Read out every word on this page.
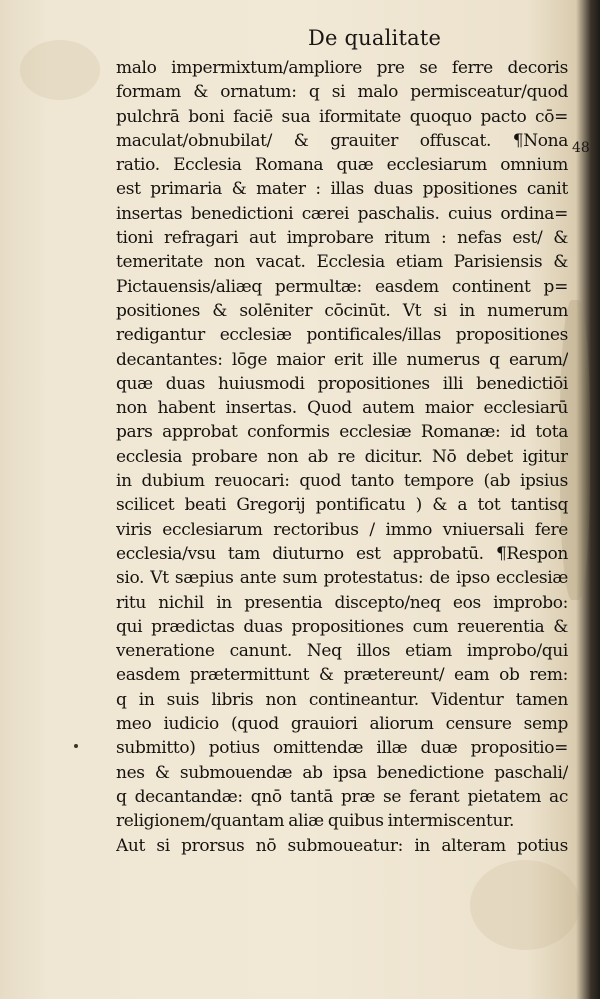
De qualitate
48
malo impermixtum/ampliore pre se ferre decoris
formam & ornatum: q si malo permisceatur/quod
pulchrā boni faciē sua iformitate quoquo pacto cō=
maculat/obnubilat/ & grauiter offuscat. ¶Nona
ratio. Ecclesia Romana quæ ecclesiarum omnium
est primaria & mater : illas duas ppositiones canit
insertas benedictioni cærei paschalis. cuius ordina=
tioni refragari aut improbare ritum : nefas est/ &
temeritate non vacat. Ecclesia etiam Parisiensis &
Pictauensis/aliæq permultæ: easdem continent p=
positiones & solēniter cōcinūt. Vt si in numerum
redigantur ecclesiæ pontificales/illas propositiones
decantantes: lōge maior erit ille numerus q earum/
quæ duas huiusmodi propositiones illi benedictiōi
non habent insertas. Quod autem maior ecclesiarū
pars approbat conformis ecclesiæ Romanæ: id tota
ecclesia probare non ab re dicitur. Nō debet igitur
in dubium reuocari: quod tanto tempore (ab ipsius
scilicet beati Gregorij pontificatu ) & a tot tantisq
viris ecclesiarum rectoribus / immo vniuersali fere
ecclesia/vsu tam diuturno est approbatū. ¶Respon
sio. Vt sæpius ante sum protestatus: de ipso ecclesiæ
ritu nichil in presentia discepto/neq eos improbo:
qui prædictas duas propositiones cum reuerentia &
veneratione canunt. Neq illos etiam improbo/qui
easdem prætermittunt & prætereunt/ eam ob rem:
q in suis libris non contineantur. Videntur tamen
meo iudicio (quod grauiori aliorum censure semp
submitto) potius omittendæ illæ duæ propositio=
nes & submouendæ ab ipsa benedictione paschali/
q decantandæ: qnō tantā præ se ferant pietatem ac
religionem/quantam aliæ quibus intermiscentur.
Aut si prorsus nō submoueatur: in alteram potius
